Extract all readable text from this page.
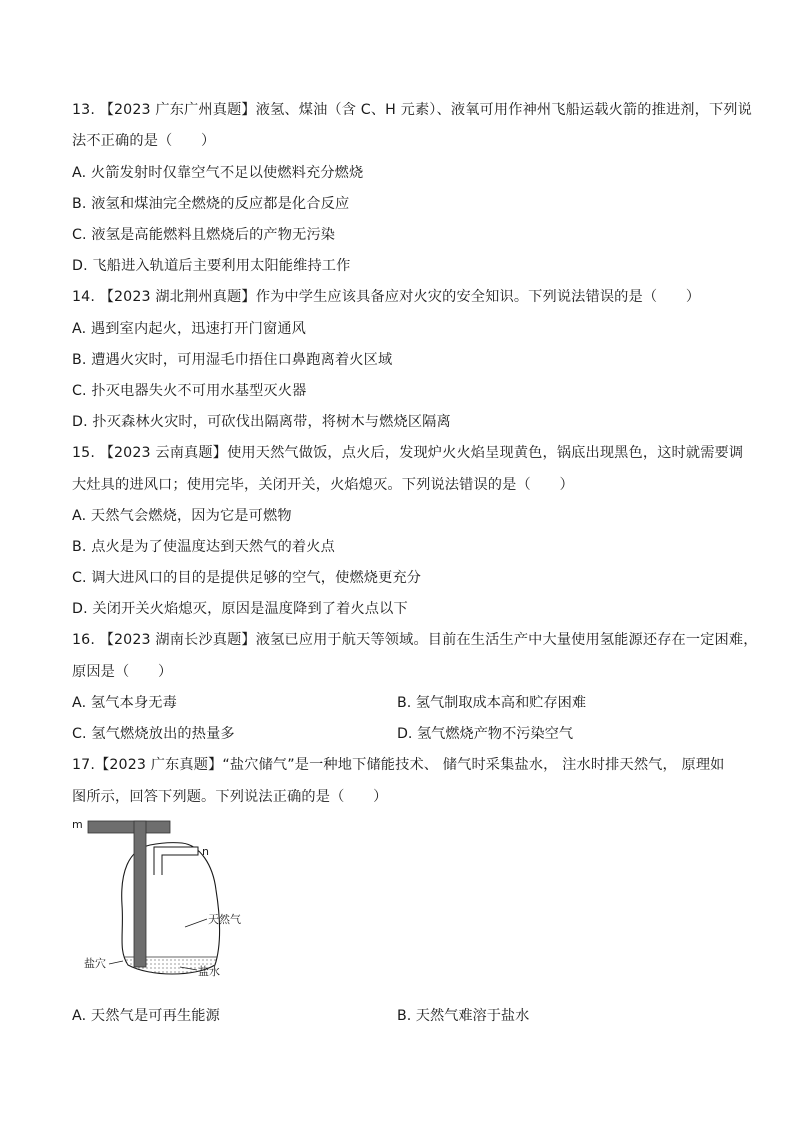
13. 【2023 广东广州真题】液氢、煤油（含 C、H 元素）、液氧可用作神州飞船运载火箭的推进剂，下列说
法不正确的是（　　）
A. 火箭发射时仅靠空气不足以使燃料充分燃烧
B. 液氢和煤油完全燃烧的反应都是化合反应
C. 液氢是高能燃料且燃烧后的产物无污染
D. 飞船进入轨道后主要利用太阳能维持工作
14. 【2023 湖北荆州真题】作为中学生应该具备应对火灾的安全知识。下列说法错误的是（　　）
A. 遇到室内起火，迅速打开门窗通风
B. 遭遇火灾时，可用湿毛巾捂住口鼻跑离着火区域
C. 扑灭电器失火不可用水基型灭火器
D. 扑灭森林火灾时，可砍伐出隔离带，将树木与燃烧区隔离
15. 【2023 云南真题】使用天然气做饭，点火后，发现炉火火焰呈现黄色，锅底出现黑色，这时就需要调
大灶具的进风口；使用完毕，关闭开关，火焰熄灭。下列说法错误的是（　　）
A. 天然气会燃烧，因为它是可燃物
B. 点火是为了使温度达到天然气的着火点
C. 调大进风口的目的是提供足够的空气，使燃烧更充分
D. 关闭开关火焰熄灭，原因是温度降到了着火点以下
16. 【2023 湖南长沙真题】液氢已应用于航天等领域。目前在生活生产中大量使用氢能源还存在一定困难，
原因是（　　）
A. 氢气本身无毒	B. 氢气制取成本高和贮存困难
C. 氢气燃烧放出的热量多	D. 氢气燃烧产物不污染空气
17.【2023 广东真题】“盐穴储气”是一种地下储能技术、 储气时采集盐水， 注水时排天然气， 原理如
图所示，回答下列题。下列说法正确的是（　　）
m
n
天然气
盐穴
盐水
A. 天然气是可再生能源	B. 天然气难溶于盐水
